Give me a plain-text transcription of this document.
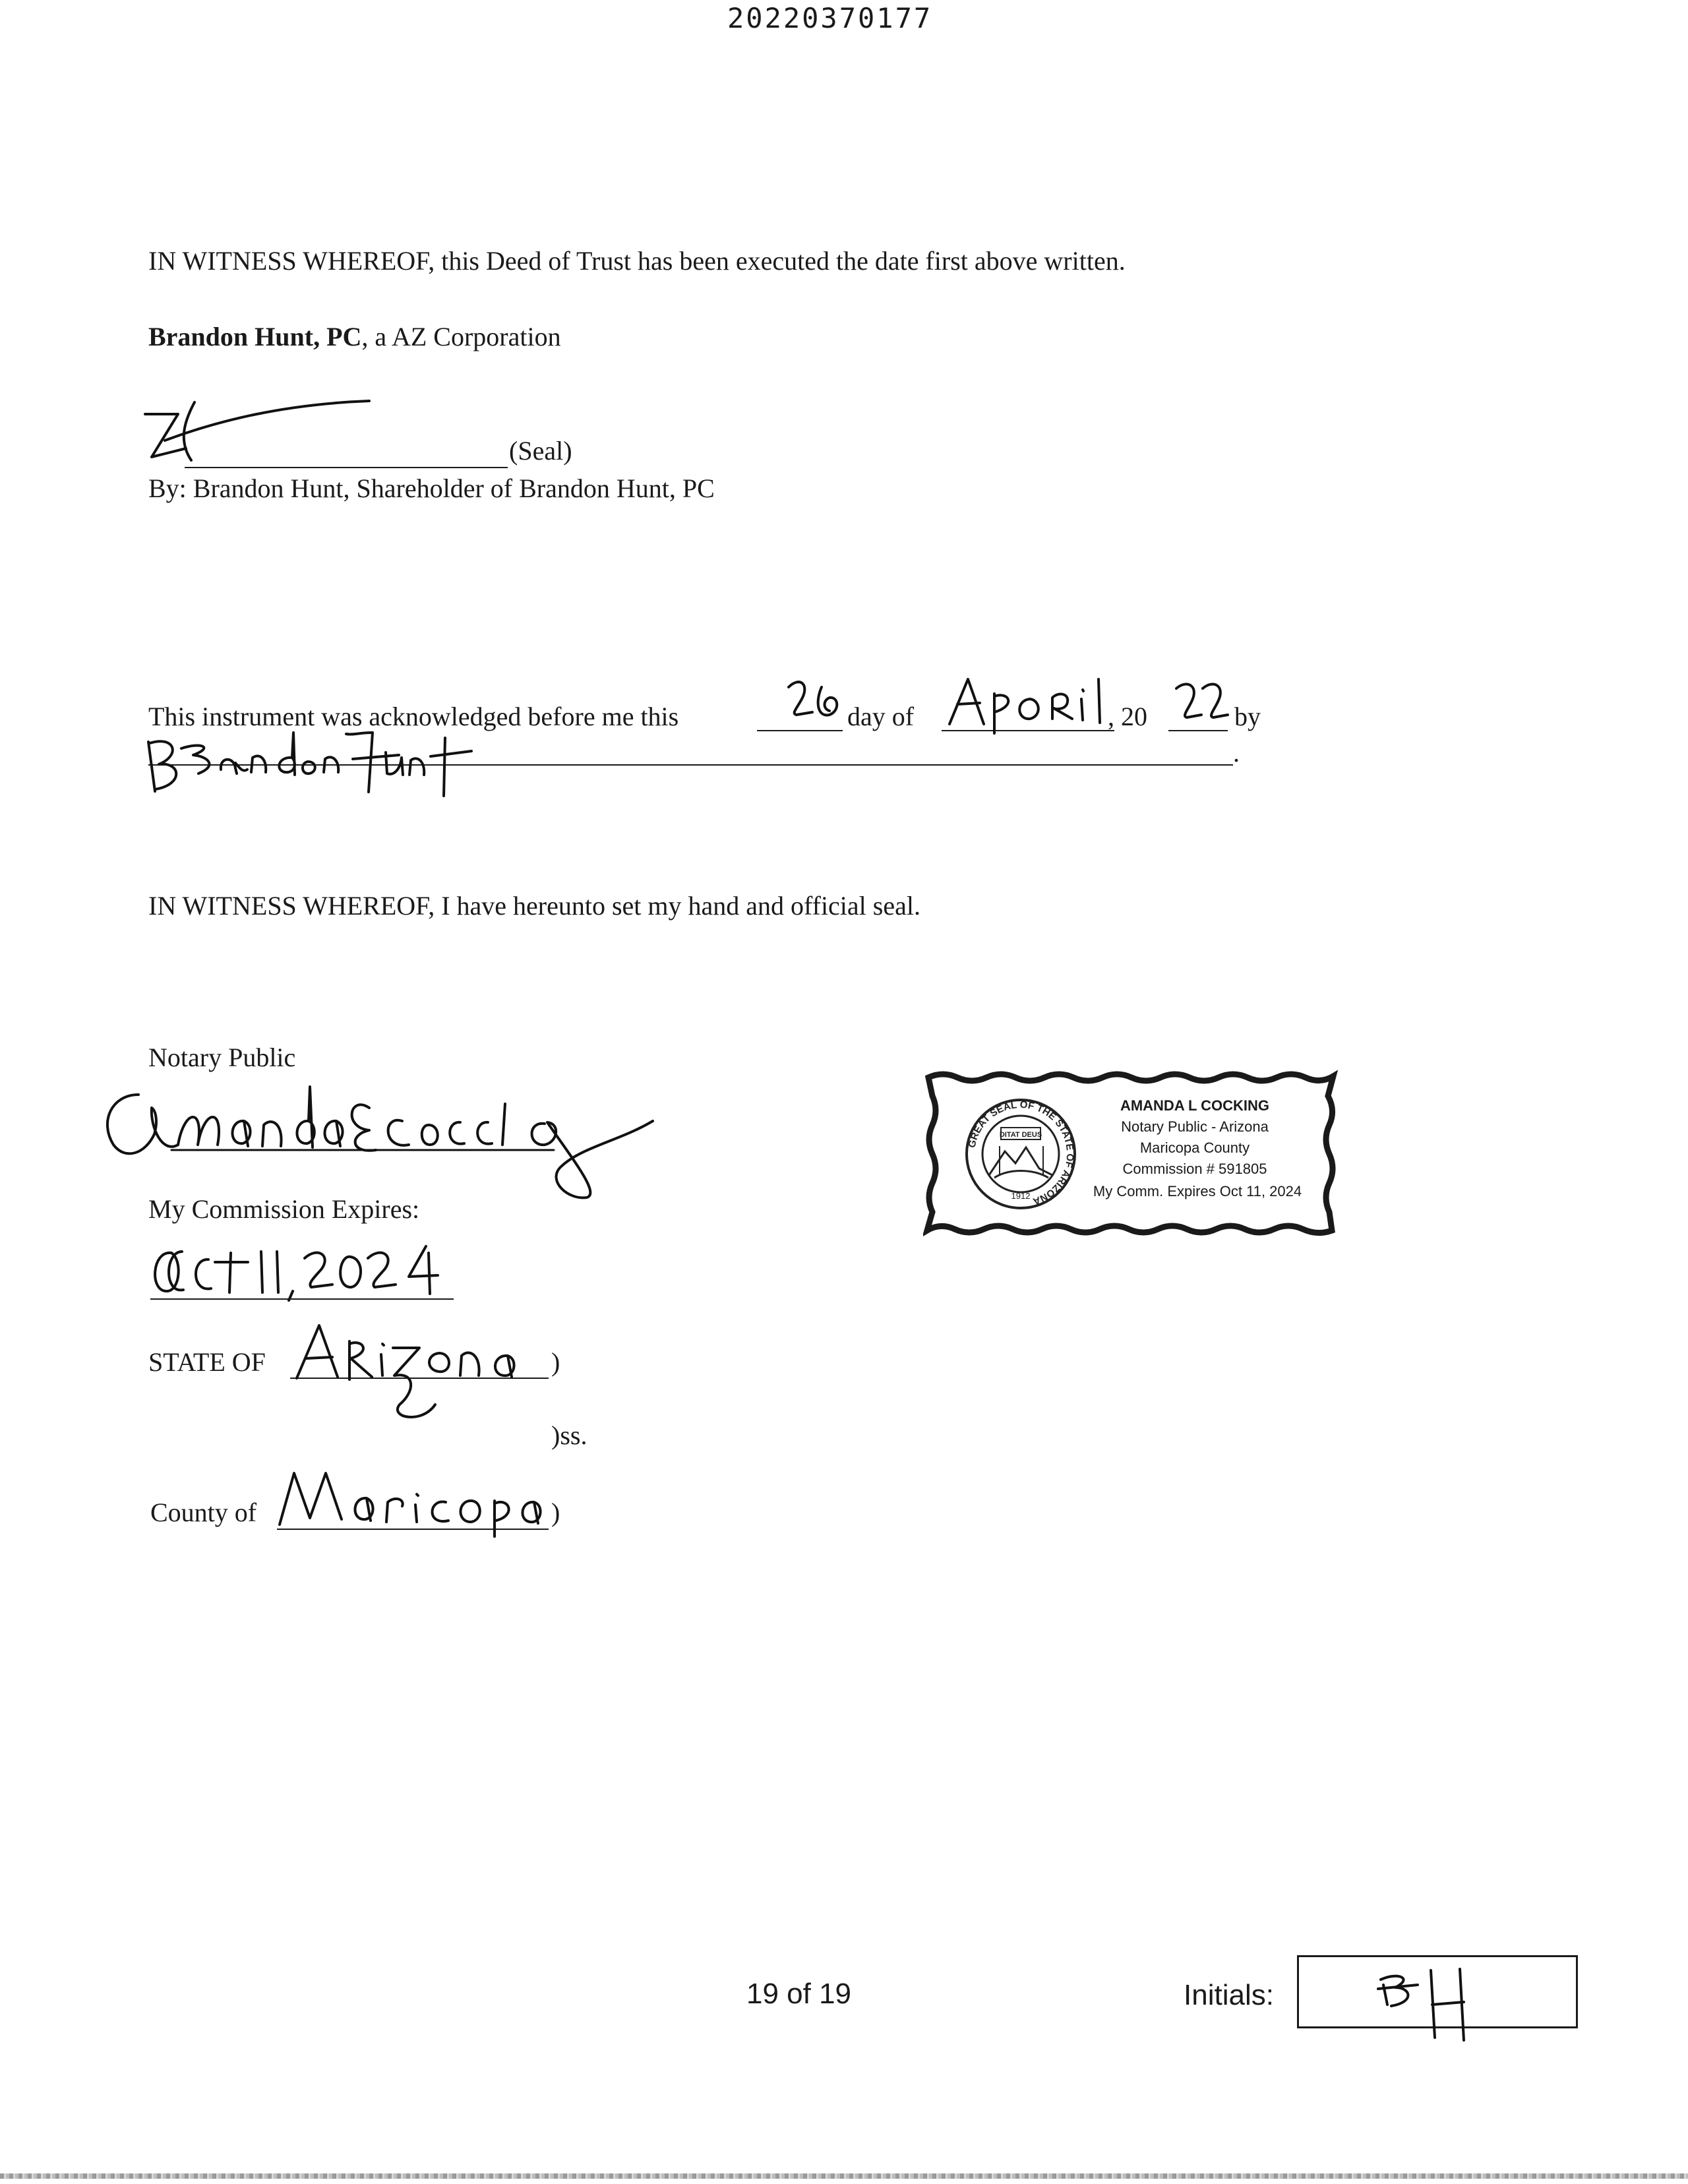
20220370177
IN WITNESS WHEREOF, this Deed of Trust has been executed the date first above written.
Brandon Hunt, PC, a AZ Corporation
(Seal)
By: Brandon Hunt, Shareholder of Brandon Hunt, PC
This instrument was acknowledged before me this	day of	, 20	by
.
IN WITNESS WHEREOF, I have hereunto set my hand and official seal.
Notary Public
My Commission Expires:
STATE OF	)
)ss.
County of	)
GREAT SEAL OF THE STATE OF ARIZONA
DITAT DEUS
1912
AMANDA L COCKING
Notary Public - Arizona
Maricopa County
Commission # 591805
My Comm. Expires Oct 11, 2024
19 of 19	Initials:
